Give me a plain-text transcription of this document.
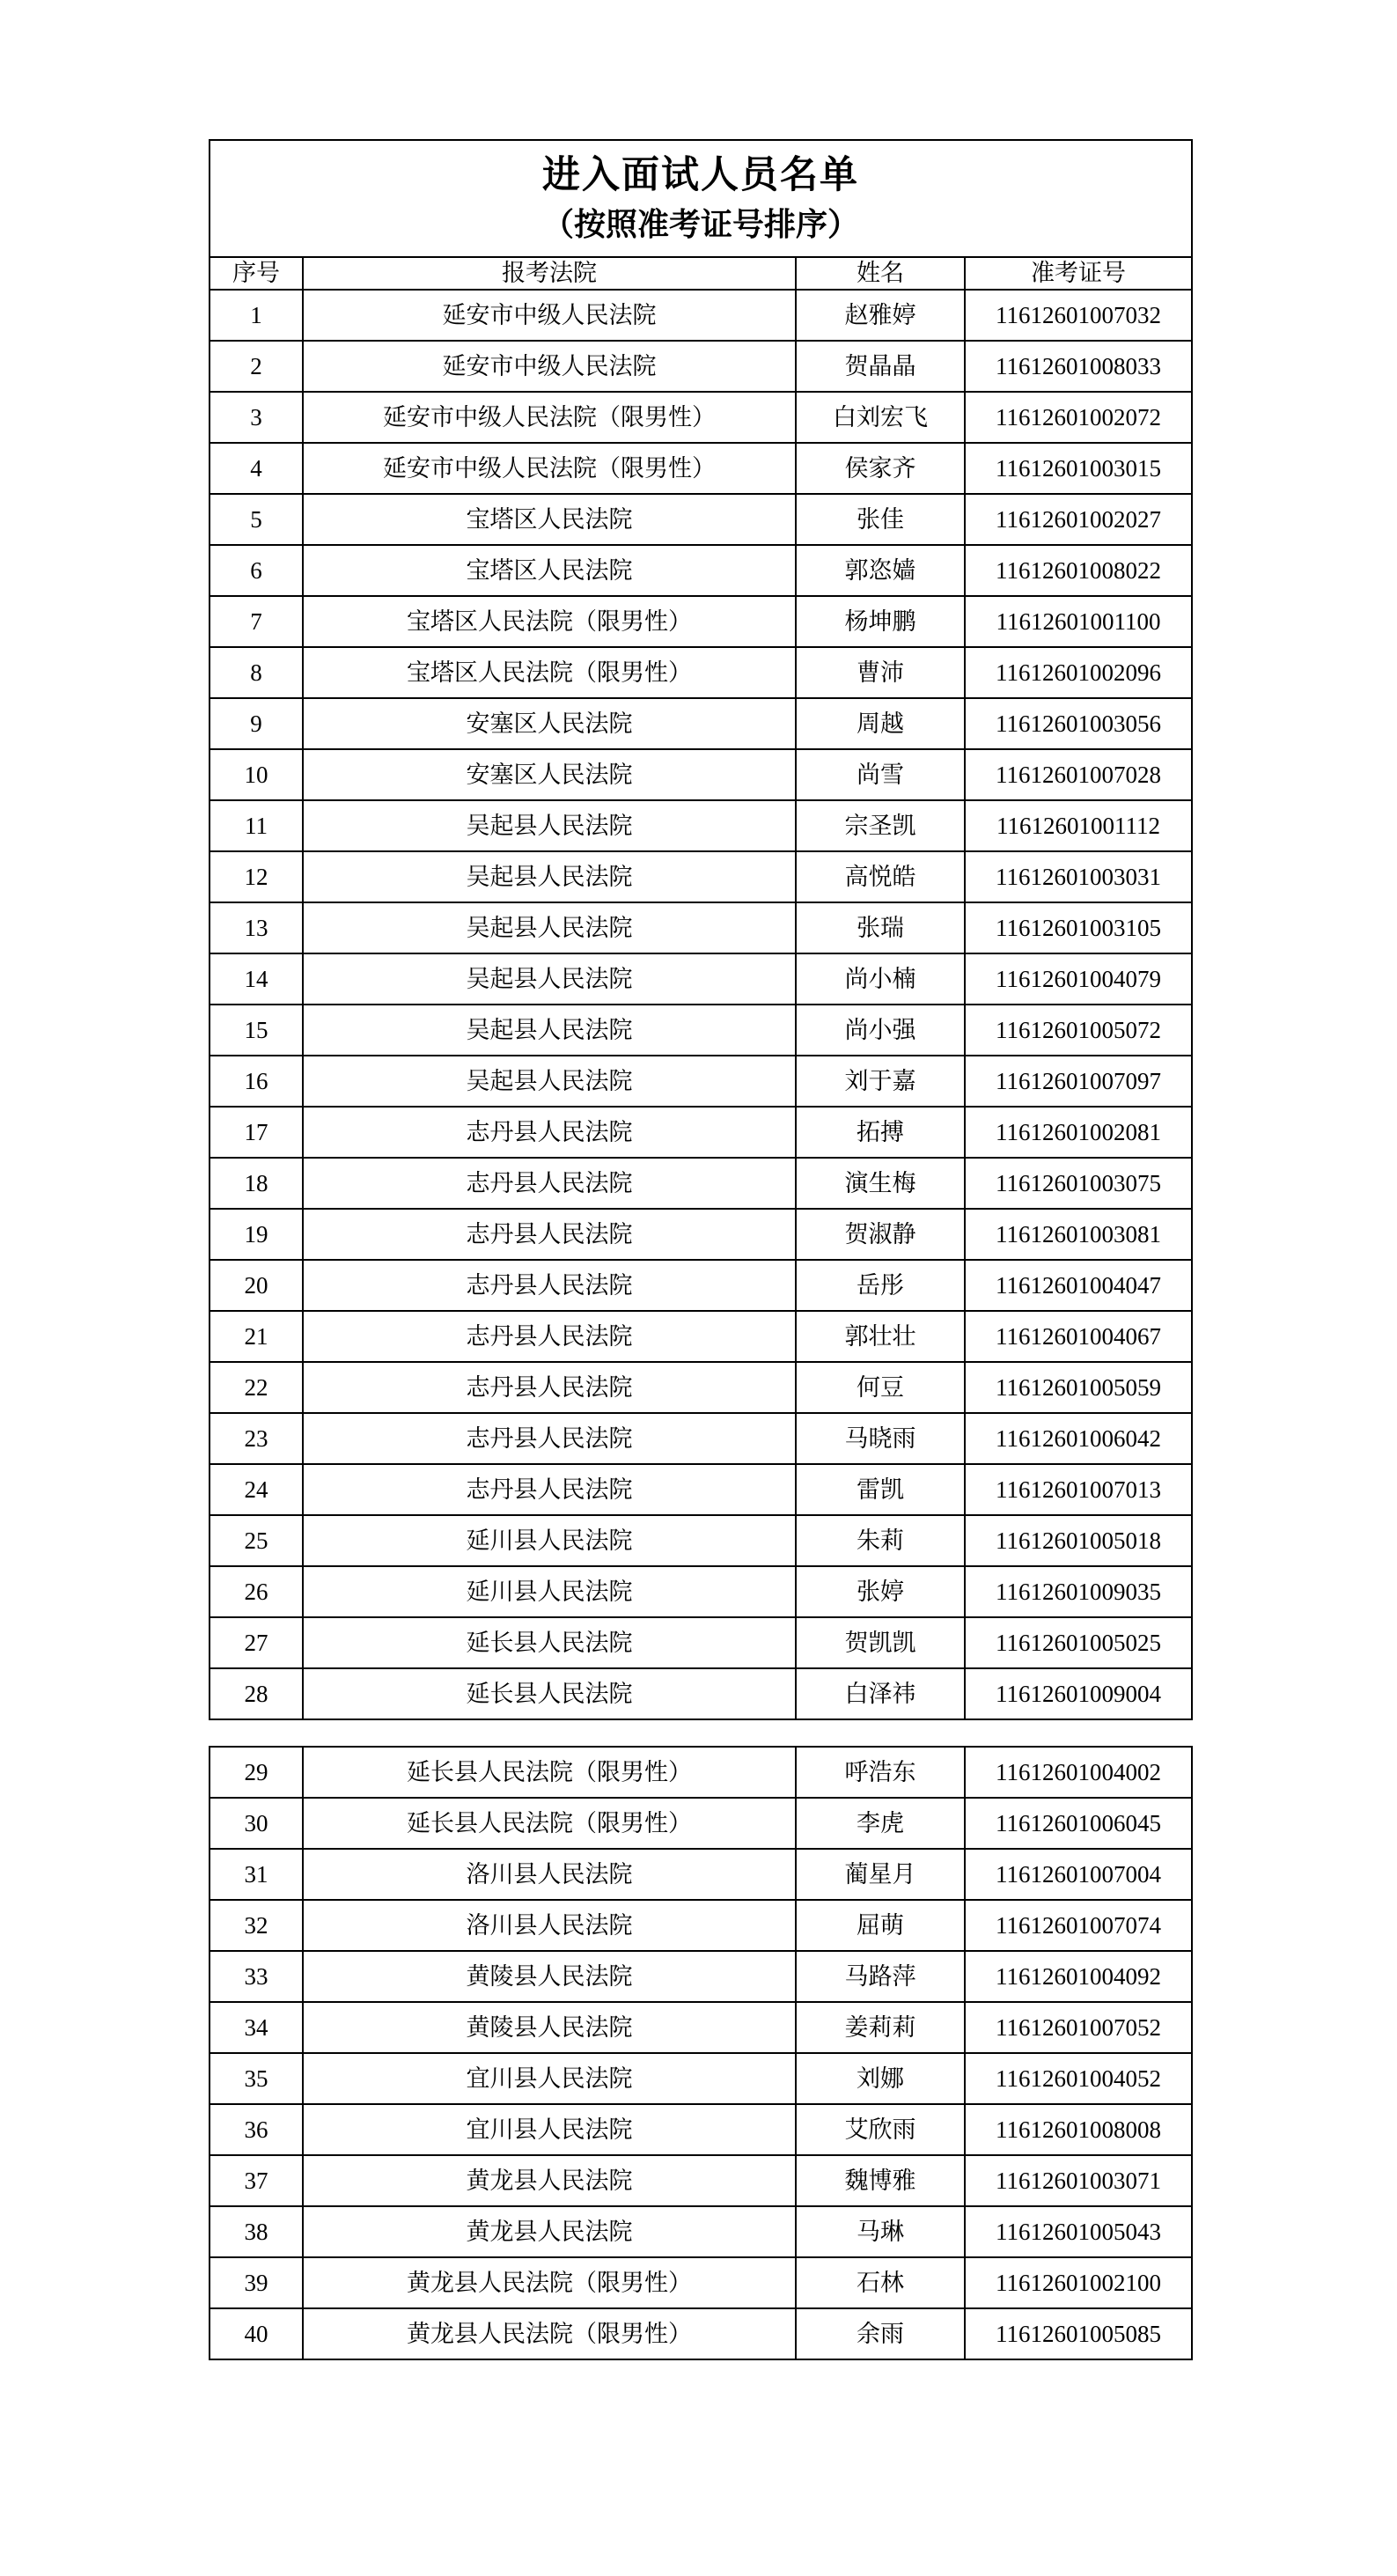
进入面试人员名单
（按照准考证号排序）			

序号	报考法院	姓名	准考证号
1	延安市中级人民法院	赵雅婷	11612601007032
2	延安市中级人民法院	贺晶晶	11612601008033
3	延安市中级人民法院（限男性）	白刘宏飞	11612601002072
4	延安市中级人民法院（限男性）	侯家齐	11612601003015
5	宝塔区人民法院	张佳	11612601002027
6	宝塔区人民法院	郭恣嫱	11612601008022
7	宝塔区人民法院（限男性）	杨坤鹏	11612601001100
8	宝塔区人民法院（限男性）	曹沛	11612601002096
9	安塞区人民法院	周越	11612601003056
10	安塞区人民法院	尚雪	11612601007028
11	吴起县人民法院	宗圣凯	11612601001112
12	吴起县人民法院	高悦皓	11612601003031
13	吴起县人民法院	张瑞	11612601003105
14	吴起县人民法院	尚小楠	11612601004079
15	吴起县人民法院	尚小强	11612601005072
16	吴起县人民法院	刘于嘉	11612601007097
17	志丹县人民法院	拓搏	11612601002081
18	志丹县人民法院	演生梅	11612601003075
19	志丹县人民法院	贺淑静	11612601003081
20	志丹县人民法院	岳彤	11612601004047
21	志丹县人民法院	郭壮壮	11612601004067
22	志丹县人民法院	何豆	11612601005059
23	志丹县人民法院	马晓雨	11612601006042
24	志丹县人民法院	雷凯	11612601007013
25	延川县人民法院	朱莉	11612601005018
26	延川县人民法院	张婷	11612601009035
27	延长县人民法院	贺凯凯	11612601005025
28	延长县人民法院	白泽祎	11612601009004
29	延长县人民法院（限男性）	呼浩东	11612601004002
30	延长县人民法院（限男性）	李虎	11612601006045
31	洛川县人民法院	蔺星月	11612601007004
32	洛川县人民法院	屈萌	11612601007074
33	黄陵县人民法院	马路萍	11612601004092
34	黄陵县人民法院	姜莉莉	11612601007052
35	宜川县人民法院	刘娜	11612601004052
36	宜川县人民法院	艾欣雨	11612601008008
37	黄龙县人民法院	魏博雅	11612601003071
38	黄龙县人民法院	马琳	11612601005043
39	黄龙县人民法院（限男性）	石林	11612601002100
40	黄龙县人民法院（限男性）	余雨	11612601005085
